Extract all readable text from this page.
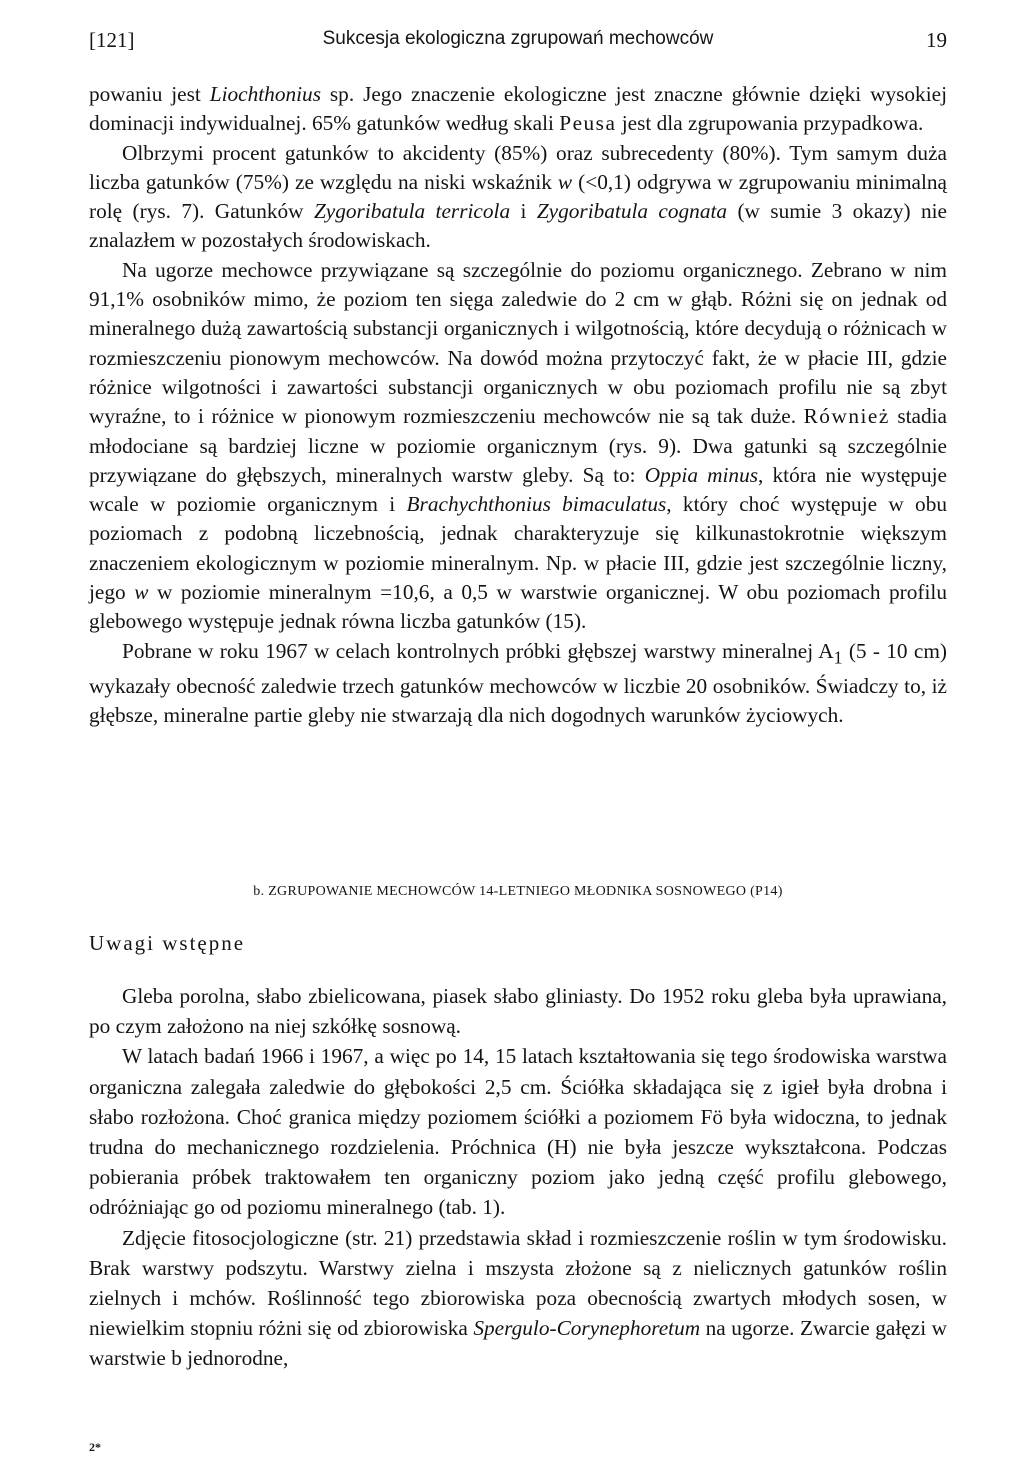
[121]	Sukcesja ekologiczna zgrupowań mechowców	19

powaniu jest Liochthonius sp. Jego znaczenie ekologiczne jest znaczne głównie dzięki wysokiej dominacji indywidualnej. 65% gatunków według skali Peusa jest dla zgrupowania przypadkowa.

Olbrzymi procent gatunków to akcidenty (85%) oraz subrecedenty (80%). Tym samym duża liczba gatunków (75%) ze względu na niski wskaźnik w (<0,1) odgrywa w zgrupowaniu minimalną rolę (rys. 7). Gatunków Zygoribatula terricola i Zygoribatula cognata (w sumie 3 okazy) nie znalazłem w pozostałych środowiskach.

Na ugorze mechowce przywiązane są szczególnie do poziomu organicznego. Zebrano w nim 91,1% osobników mimo, że poziom ten sięga zaledwie do 2 cm w głąb. Różni się on jednak od mineralnego dużą zawartością substancji organicznych i wilgotnością, które decydują o różnicach w rozmieszczeniu pionowym mechowców. Na dowód można przytoczyć fakt, że w płacie III, gdzie różnice wilgotności i zawartości substancji organicznych w obu poziomach profilu nie są zbyt wyraźne, to i różnice w pionowym rozmieszczeniu mechowców nie są tak duże. Również stadia młodociane są bardziej liczne w poziomie organicznym (rys. 9). Dwa gatunki są szczególnie przywiązane do głębszych, mineralnych warstw gleby. Są to: Oppia minus, która nie występuje wcale w poziomie organicznym i Brachychthonius bimaculatus, który choć występuje w obu poziomach z podobną liczebnością, jednak charakteryzuje się kilkunastokrotnie większym znaczeniem ekologicznym w poziomie mineralnym. Np. w płacie III, gdzie jest szczególnie liczny, jego w w poziomie mineralnym =10,6, a 0,5 w warstwie organicznej. W obu poziomach profilu glebowego występuje jednak równa liczba gatunków (15).

Pobrane w roku 1967 w celach kontrolnych próbki głębszej warstwy mineralnej $A_1$ (5 - 10 cm) wykazały obecność zaledwie trzech gatunków mechowców w liczbie 20 osobników. Świadczy to, iż głębsze, mineralne partie gleby nie stwarzają dla nich dogodnych warunków życiowych.

b. ZGRUPOWANIE MECHOWCÓW 14-LETNIEGO MŁODNIKA SOSNOWEGO (P14)
Uwagi wstępne

Gleba porolna, słabo zbielicowana, piasek słabo gliniasty. Do 1952 roku gleba była uprawiana, po czym założono na niej szkółkę sosnową.

W latach badań 1966 i 1967, a więc po 14, 15 latach kształtowania się tego środowiska warstwa organiczna zalegała zaledwie do głębokości 2,5 cm. Ściółka składająca się z igieł była drobna i słabo rozłożona. Choć granica między poziomem ściółki a poziomem Fö była widoczna, to jednak trudna do mechanicznego rozdzielenia. Próchnica (H) nie była jeszcze wykształcona. Podczas pobierania próbek traktowałem ten organiczny poziom jako jedną część profilu glebowego, odróżniając go od poziomu mineralnego (tab. 1).

Zdjęcie fitosocjologiczne (str. 21) przedstawia skład i rozmieszczenie roślin w tym środowisku. Brak warstwy podszytu. Warstwy zielna i mszysta złożone są z nielicznych gatunków roślin zielnych i mchów. Roślinność tego zbiorowiska poza obecnością zwartych młodych sosen, w niewielkim stopniu różni się od zbiorowiska Spergulo-Corynephoretum na ugorze. Zwarcie gałęzi w warstwie b jednorodne,

2*
